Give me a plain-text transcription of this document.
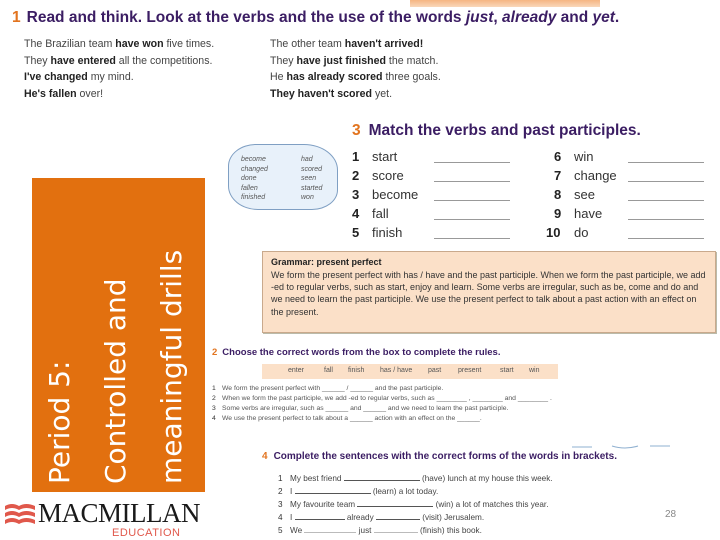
1 Read and think. Look at the verbs and the use of the words just, already and yet.
The Brazilian team have won five times.
They have entered all the competitions.
I've changed my mind.
He's fallen over!
The other team haven't arrived!
They have just finished the match.
He has already scored three goals.
They haven't scored yet.
become
changed
done
fallen
finished
had
scored
seen
started
won
3 Match the verbs and past participles.
1 start
2 score
3 become
4 fall
5 finish
6 win
7 change
8 see
9 have
10 do
Grammar: present perfect
We form the present perfect with has / have and the past participle. When we form the past participle, we add -ed to regular verbs, such as start, enjoy and learn. Some verbs are irregular, such as be, come and do and we need to learn the past participle. We use the present perfect to talk about a past action with an effect on the present.
2 Choose the correct words from the box to complete the rules.
enter	fall finish has / have past present	start win
1 We form the present perfect with ______ / ______ and the past participle.
2 When we form the past participle, we add -ed to regular verbs, such as ________ , ________ and ________ .
3 Some verbs are irregular, such as ______ and ______ and we need to learn the past participle.
4 We use the present perfect to talk about a ______ action with an effect on the ______.
4 Complete the sentences with the correct forms of the words in brackets.
1 My best friend	(have) lunch at my house this week.
2 I	(learn) a lot today.
3 My favourite team	(win) a lot of matches this year.
4 I	already	(visit) Jerusalem.
5 We	just	(finish) this book.
28
Period 5: Controlled and meaningful drills
MACMILLAN
EDUCATION
